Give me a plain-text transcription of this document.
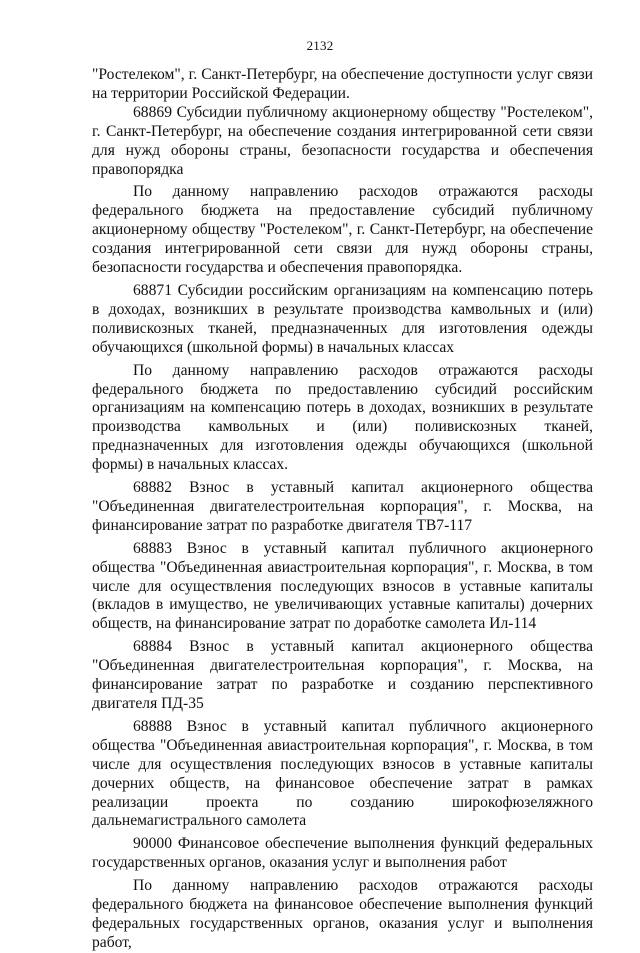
2132

"Ростелеком", г. Санкт-Петербург, на обеспечение доступности услуг связи на территории Российской Федерации.

68869 Субсидии публичному акционерному обществу "Ростелеком", г. Санкт-Петербург, на обеспечение создания интегрированной сети связи для нужд обороны страны, безопасности государства и обеспечения правопорядка

По данному направлению расходов отражаются расходы федерального бюджета на предоставление субсидий публичному акционерному обществу "Ростелеком", г. Санкт-Петербург, на обеспечение создания интегрированной сети связи для нужд обороны страны, безопасности государства и обеспечения правопорядка.

68871 Субсидии российским организациям на компенсацию потерь в доходах, возникших в результате производства камвольных и (или) поливискозных тканей, предназначенных для изготовления одежды обучающихся (школьной формы) в начальных классах

По данному направлению расходов отражаются расходы федерального бюджета по предоставлению субсидий российским организациям на компенсацию потерь в доходах, возникших в результате производства камвольных и (или) поливискозных тканей, предназначенных для изготовления одежды обучающихся (школьной формы) в начальных классах.

68882 Взнос в уставный капитал акционерного общества "Объединенная двигателестроительная корпорация", г. Москва, на финансирование затрат по разработке двигателя ТВ7-117

68883 Взнос в уставный капитал публичного акционерного общества "Объединенная авиастроительная корпорация", г. Москва, в том числе для осуществления последующих взносов в уставные капиталы (вкладов в имущество, не увеличивающих уставные капиталы) дочерних обществ, на финансирование затрат по доработке самолета Ил-114

68884 Взнос в уставный капитал акционерного общества "Объединенная двигателестроительная корпорация", г. Москва, на финансирование затрат по разработке и созданию перспективного двигателя ПД-35

68888 Взнос в уставный капитал публичного акционерного общества "Объединенная авиастроительная корпорация", г. Москва, в том числе для осуществления последующих взносов в уставные капиталы дочерних обществ, на финансовое обеспечение затрат в рамках реализации проекта по созданию широкофюзеляжного дальнемагистрального самолета

90000 Финансовое обеспечение выполнения функций федеральных государственных органов, оказания услуг и выполнения работ

По данному направлению расходов отражаются расходы федерального бюджета на финансовое обеспечение выполнения функций федеральных государственных органов, оказания услуг и выполнения работ,
